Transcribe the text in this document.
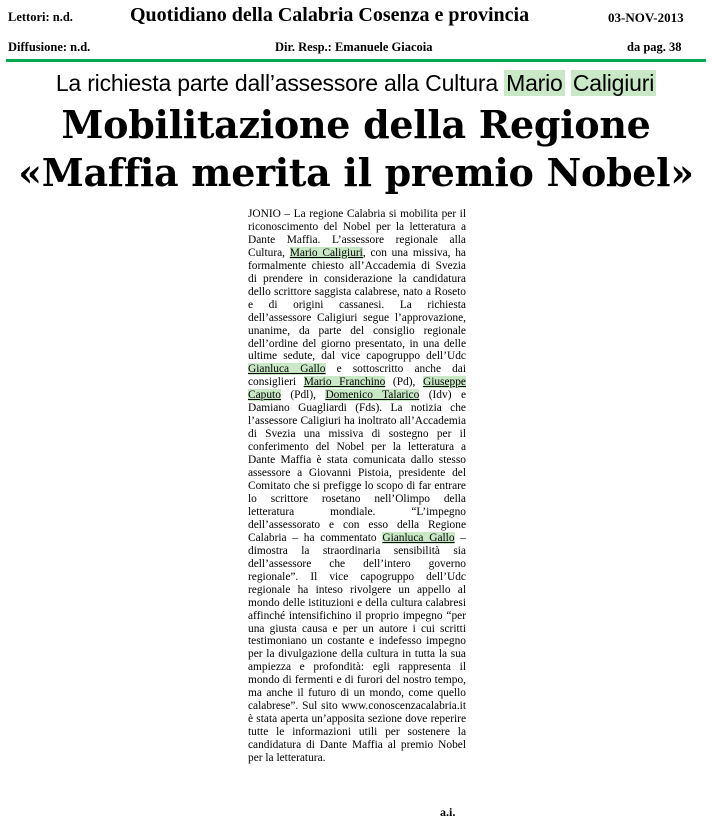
Lettori: n.d.	Quotidiano della Calabria Cosenza e provincia	03-NOV-2013
Diffusione: n.d.	Dir. Resp.: Emanuele Giacoia	da pag. 38
La richiesta parte dall’assessore alla Cultura Mario Caligiuri
Mobilitazione della Regione
«Maffia merita il premio Nobel»

JONIO – La regione Calabria si mobilita per il riconoscimento del Nobel per la letteratura a Dante Maffia. L’assessore regionale alla Cultura, Mario Caligiuri, con una missiva, ha formalmente chiesto all’Accademia di Svezia di prendere in considerazione la candidatura dello scrittore saggista calabrese, nato a Roseto e di origini cassanesi. La richiesta dell’assessore Caligiuri segue l’approvazione, unanime, da parte del consiglio regionale dell’ordine del giorno presentato, in una delle ultime sedute, dal vice capogruppo dell’Udc Gianluca Gallo e sottoscritto anche dai consiglieri Mario Franchino (Pd), Giuseppe Caputo (Pdl), Domenico Talarico (Idv) e Damiano Guagliardi (Fds). La notizia che l’assessore Caligiuri ha inoltrato all’Accademia di Svezia una missiva di sostegno per il conferimento del Nobel per la letteratura a Dante Maffia è stata comunicata dallo stesso assessore a Giovanni Pistoia, presidente del Comitato che si prefigge lo scopo di far entrare lo scrittore rosetano nell’Olimpo della letteratura mondiale. “L’impegno dell’assessorato e con esso della Regione Calabria – ha commentato Gianluca Gallo – dimostra la straordinaria sensibilità sia dell’assessore che dell’intero governo regionale”. Il vice capogruppo dell’Udc regionale ha inteso rivolgere un appello al mondo delle istituzioni e della cultura calabresi affinché intensifichino il proprio impegno “per una giusta causa e per un autore i cui scritti testimoniano un costante e indefesso impegno per la divulgazione della cultura in tutta la sua ampiezza e profondità: egli rappresenta il mondo di fermenti e di furori del nostro tempo, ma anche il futuro di un mondo, come quello calabrese”. Sul sito www.conoscenzacalabria.it è stata aperta un’apposita sezione dove reperire tutte le informazioni utili per sostenere la candidatura di Dante Maffia al premio Nobel per la letteratura.

a.i.
